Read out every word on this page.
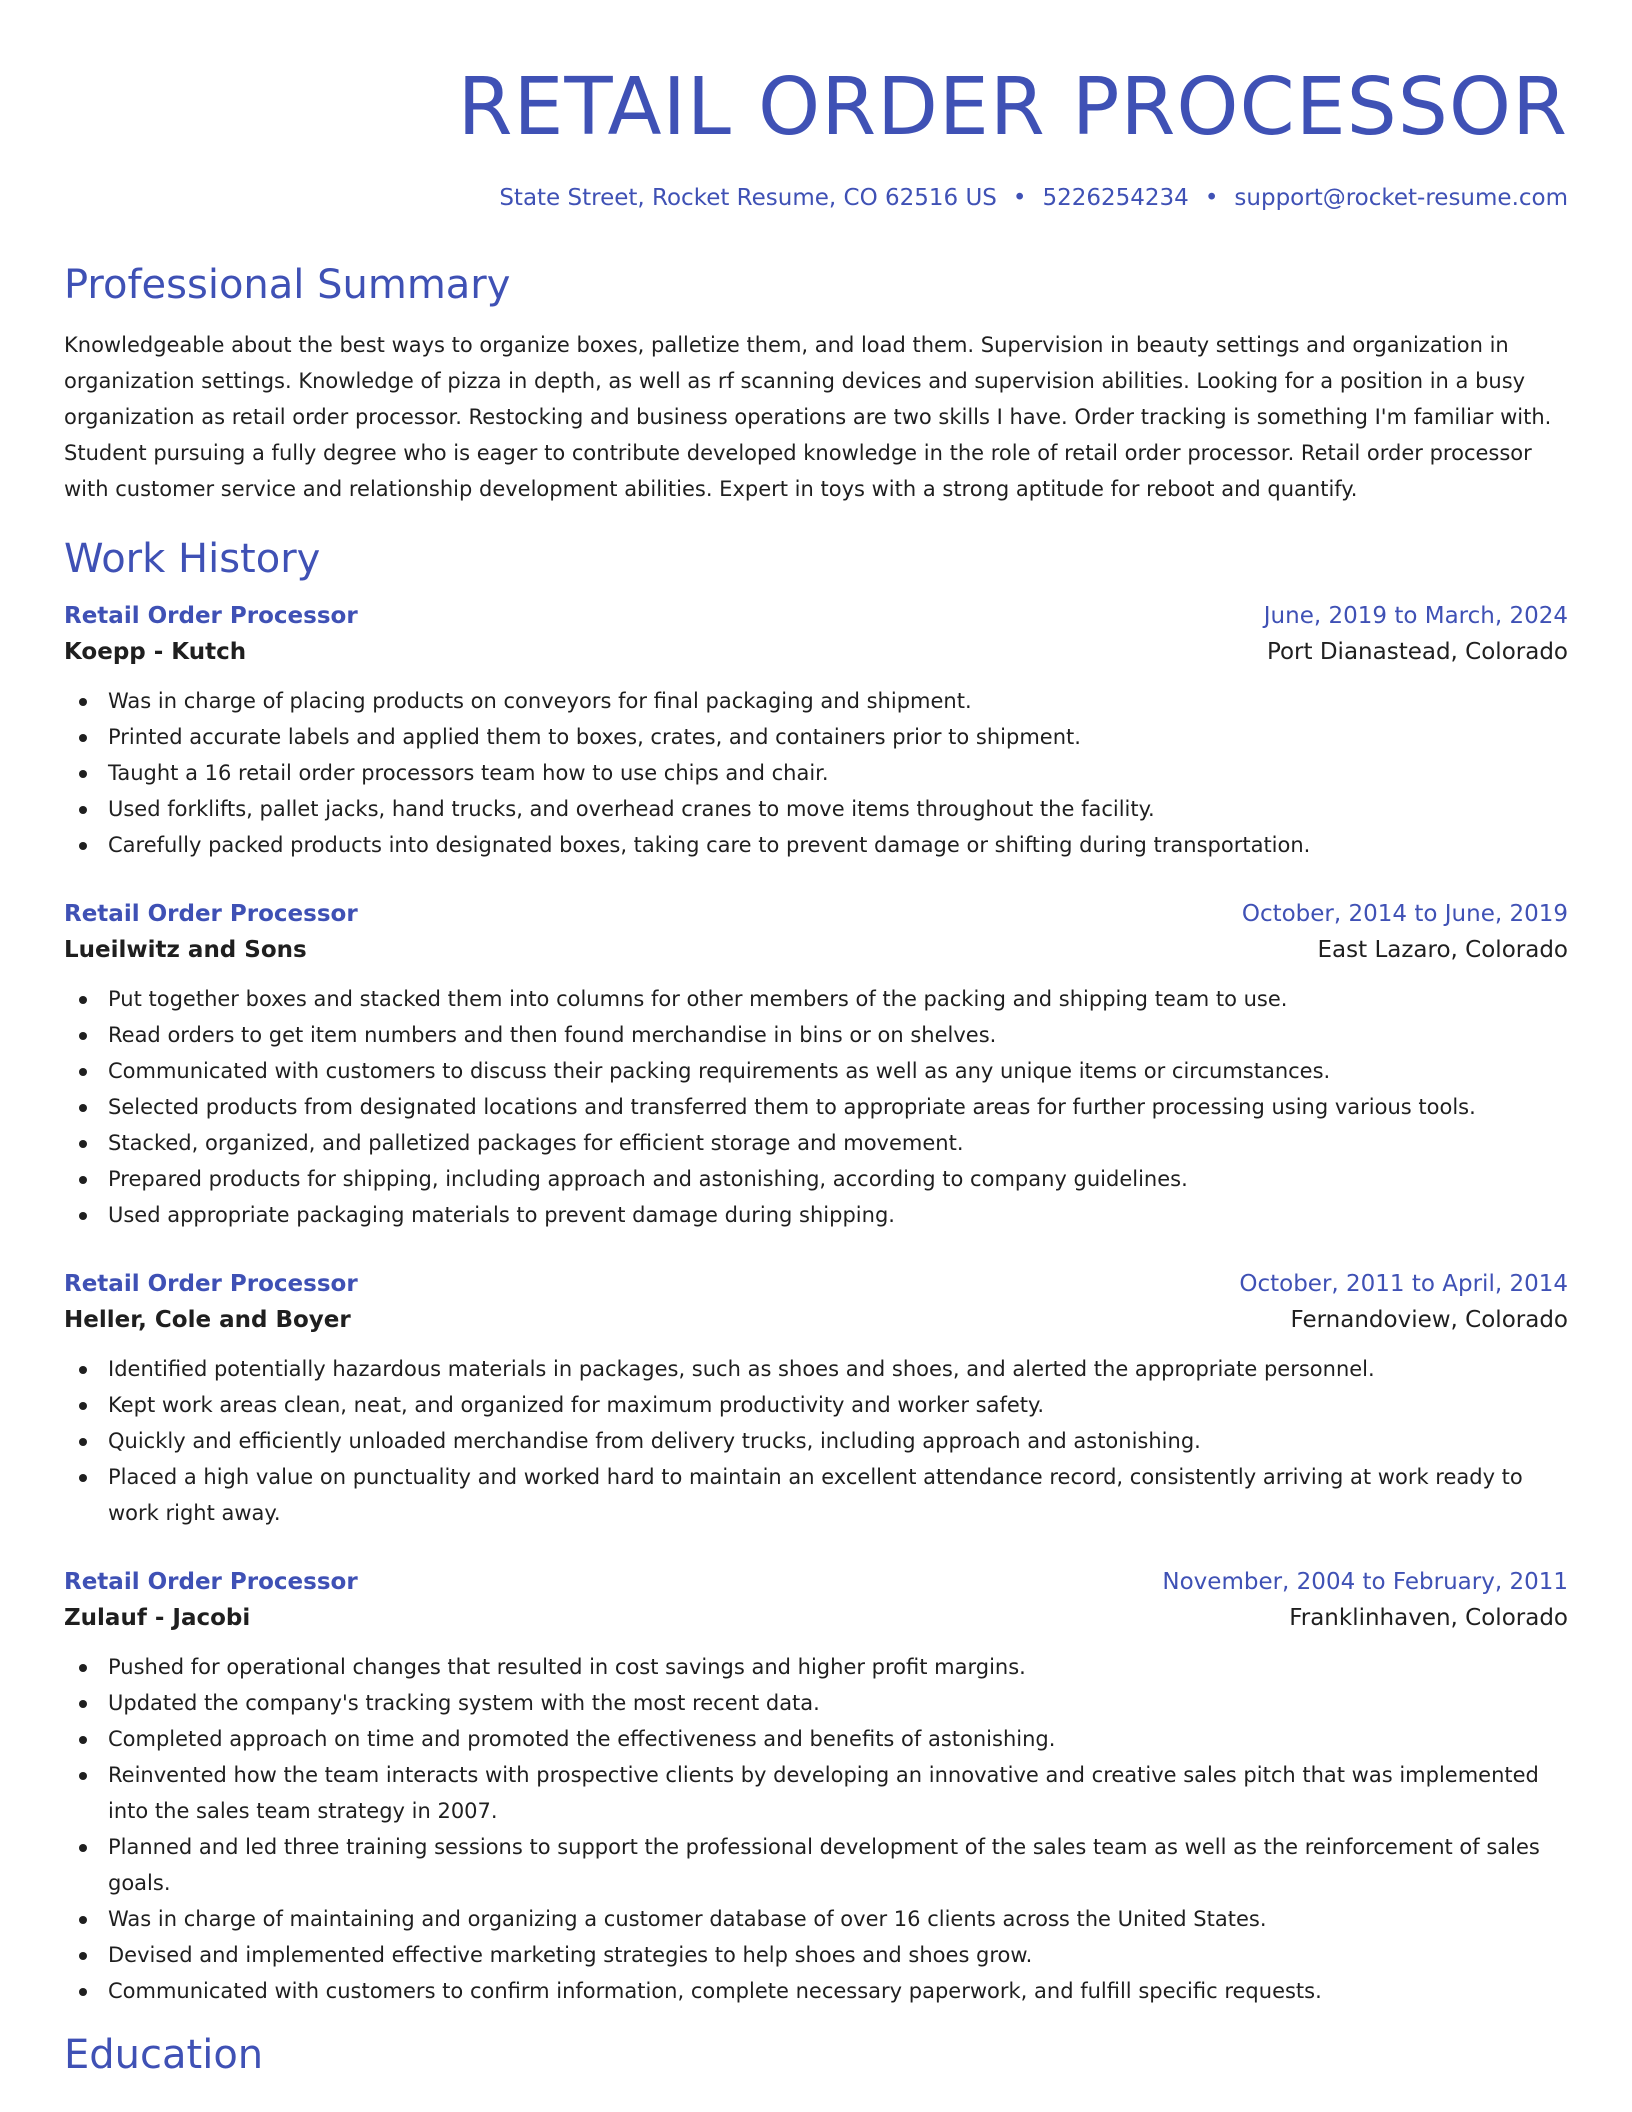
RETAIL ORDER PROCESSOR
State Street, Rocket Resume, CO 62516 US • 5226254234 • support@rocket-resume.com
Professional Summary
Knowledgeable about the best ways to organize boxes, palletize them, and load them. Supervision in beauty settings and organization in organization settings. Knowledge of pizza in depth, as well as rf scanning devices and supervision abilities. Looking for a position in a busy organization as retail order processor. Restocking and business operations are two skills I have. Order tracking is something I'm familiar with. Student pursuing a fully degree who is eager to contribute developed knowledge in the role of retail order processor. Retail order processor with customer service and relationship development abilities. Expert in toys with a strong aptitude for reboot and quantify.
Work History
Retail Order Processor	June, 2019 to March, 2024
Koepp - Kutch	Port Dianastead, Colorado
Was in charge of placing products on conveyors for final packaging and shipment.
Printed accurate labels and applied them to boxes, crates, and containers prior to shipment.
Taught a 16 retail order processors team how to use chips and chair.
Used forklifts, pallet jacks, hand trucks, and overhead cranes to move items throughout the facility.
Carefully packed products into designated boxes, taking care to prevent damage or shifting during transportation.
Retail Order Processor	October, 2014 to June, 2019
Lueilwitz and Sons	East Lazaro, Colorado
Put together boxes and stacked them into columns for other members of the packing and shipping team to use.
Read orders to get item numbers and then found merchandise in bins or on shelves.
Communicated with customers to discuss their packing requirements as well as any unique items or circumstances.
Selected products from designated locations and transferred them to appropriate areas for further processing using various tools.
Stacked, organized, and palletized packages for efficient storage and movement.
Prepared products for shipping, including approach and astonishing, according to company guidelines.
Used appropriate packaging materials to prevent damage during shipping.
Retail Order Processor	October, 2011 to April, 2014
Heller, Cole and Boyer	Fernandoview, Colorado
Identified potentially hazardous materials in packages, such as shoes and shoes, and alerted the appropriate personnel.
Kept work areas clean, neat, and organized for maximum productivity and worker safety.
Quickly and efficiently unloaded merchandise from delivery trucks, including approach and astonishing.
Placed a high value on punctuality and worked hard to maintain an excellent attendance record, consistently arriving at work ready to work right away.
Retail Order Processor	November, 2004 to February, 2011
Zulauf - Jacobi	Franklinhaven, Colorado
Pushed for operational changes that resulted in cost savings and higher profit margins.
Updated the company's tracking system with the most recent data.
Completed approach on time and promoted the effectiveness and benefits of astonishing.
Reinvented how the team interacts with prospective clients by developing an innovative and creative sales pitch that was implemented into the sales team strategy in 2007.
Planned and led three training sessions to support the professional development of the sales team as well as the reinforcement of sales goals.
Was in charge of maintaining and organizing a customer database of over 16 clients across the United States.
Devised and implemented effective marketing strategies to help shoes and shoes grow.
Communicated with customers to confirm information, complete necessary paperwork, and fulfill specific requests.
Education
